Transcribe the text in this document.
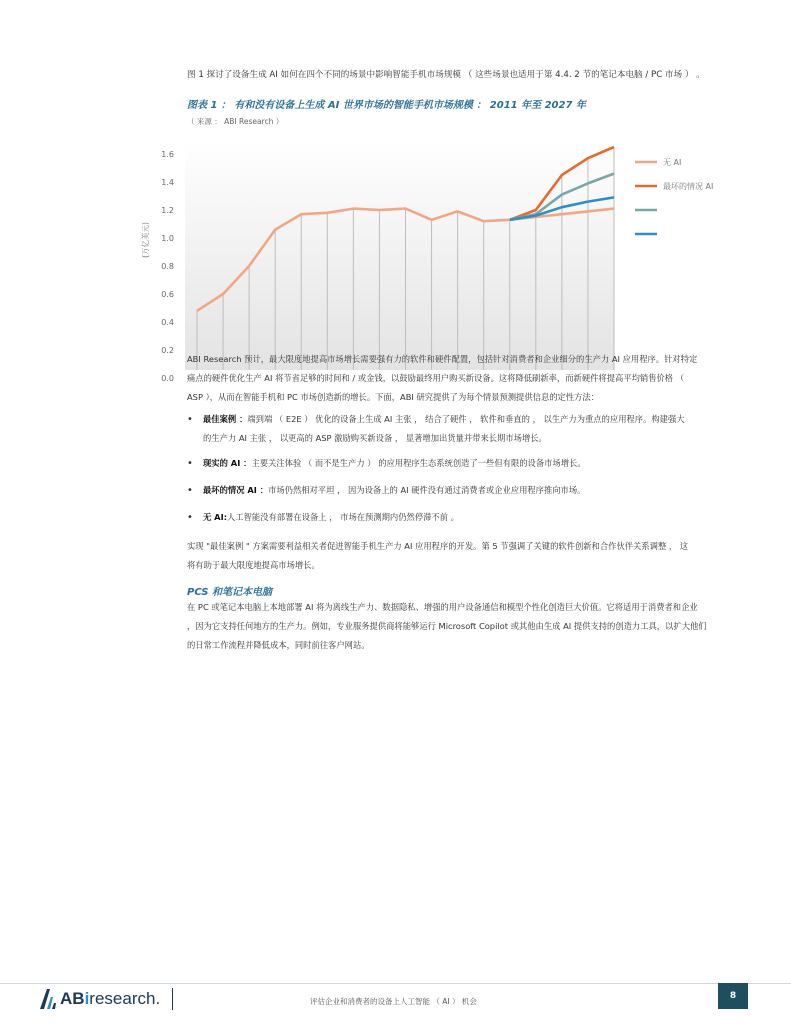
图 1 探讨了设备生成 AI 如何在四个不同的场景中影响智能手机市场规模 （ 这些场景也适用于第 4.4. 2 节的笔记本电脑 / PC 市场 ） 。
图表 1 ： 有和没有设备上生成 AI 世界市场的智能手机市场规模 ： 2011 年至 2027 年
（ 来源 ： ABI Research ）
0.0
0.2
0.4
0.6
0.8
1.0
1.2
1.4
1.6
(万亿美元)
无 AI
最坏的情况 AI
ABI Research 预计，最大限度地提高市场增长需要强有力的软件和硬件配置，包括针对消费者和企业细分的生产力 AI 应用程序。针对特定
痛点的硬件优化生产 AI 将节省足够的时间和 / 或金钱，以鼓励最终用户购买新设备。这将降低刷新率，而新硬件将提高平均销售价格 （
ASP ），从而在智能手机和 PC 市场创造新的增长。下面，ABI 研究提供了为每个情景预测提供信息的定性方法：
• 最佳案例 ：端到端 （ E2E ） 优化的设备上生成 AI 主张 ， 结合了硬件 ， 软件和垂直的 ， 以生产力为重点的应用程序。构建强大
的生产力 AI 主张 ， 以更高的 ASP 激励购买新设备 ， 显著增加出货量并带来长期市场增长。
• 现实的 AI ：主要关注体验 （ 而不是生产力 ） 的应用程序生态系统创造了一些但有限的设备市场增长。
• 最坏的情况 AI ：市场仍然相对平坦 ， 因为设备上的 AI 硬件没有通过消费者或企业应用程序推向市场。
• 无 AI:人工智能没有部署在设备上 ， 市场在预测期内仍然停滞不前 。
实现 "最佳案例 " 方案需要利益相关者促进智能手机生产力 AI 应用程序的开发。第 5 节强调了关键的软件创新和合作伙伴关系调整 ， 这
将有助于最大限度地提高市场增长。
PCS 和笔记本电脑
在 PC 或笔记本电脑上本地部署 AI 将为离线生产力、数据隐私、增强的用户设备通信和模型个性化创造巨大价值。它将适用于消费者和企业
，因为它支持任何地方的生产力。例如，专业服务提供商将能够运行 Microsoft Copilot 或其他由生成 AI 提供支持的创造力工具，以扩大他们
的日常工作流程并降低成本，同时前往客户网站。
ABiresearch.	评估企业和消费者的设备上人工智能 （ AI ） 机会
8
